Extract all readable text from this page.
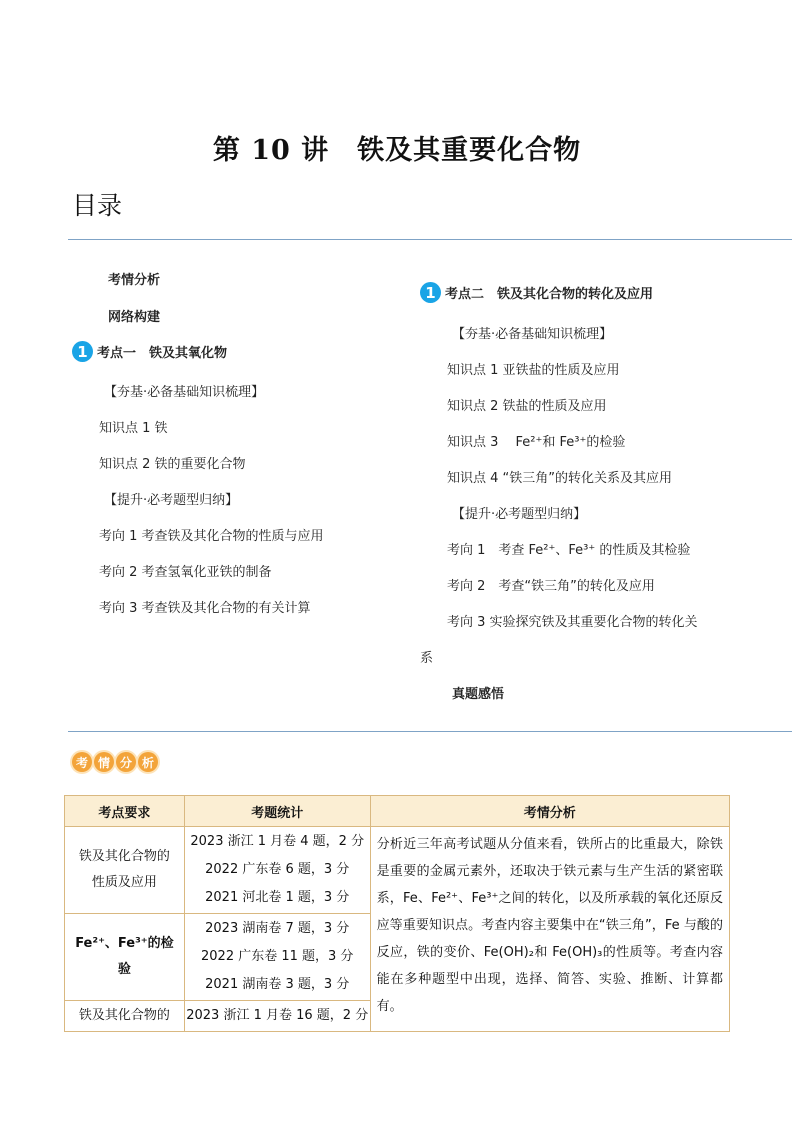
第 10 讲　铁及其重要化合物
目录
考情分析
网络构建
1 考点一　铁及其氧化物
【夯基·必备基础知识梳理】
知识点 1 铁
知识点 2 铁的重要化合物
【提升·必考题型归纳】
考向 1 考查铁及其化合物的性质与应用
考向 2 考查氢氧化亚铁的制备
考向 3 考查铁及其化合物的有关计算
1 考点二　铁及其化合物的转化及应用
【夯基·必备基础知识梳理】
知识点 1 亚铁盐的性质及应用
知识点 2 铁盐的性质及应用
知识点 3　 Fe²⁺和 Fe³⁺的检验
知识点 4 “铁三角”的转化关系及其应用
【提升·必考题型归纳】
考向 1　考查 Fe²⁺、Fe³⁺ 的性质及其检验
考向 2　考查“铁三角”的转化及应用
考向 3 实验探究铁及其重要化合物的转化关
系
真题感悟
考 情 分 析
考点要求	考题统计	考情分析
铁及其化合物的性质及应用	2023 浙江 1 月卷 4 题，2 分
2022 广东卷 6 题，3 分
2021 河北卷 1 题，3 分	分析近三年高考试题从分值来看，铁所占的比重最大，除铁是重要的金属元素外，还取决于铁元素与生产生活的紧密联系，Fe、Fe²⁺、Fe³⁺之间的转化，以及所承载的氧化还原反应等重要知识点。考查内容主要集中在“铁三角”，Fe 与酸的反应，铁的变价、Fe(OH)₂和 Fe(OH)₃的性质等。考查内容能在多种题型中出现，选择、简答、实验、推断、计算都有。
Fe²⁺、Fe³⁺的检验	2023 湖南卷 7 题，3 分
2022 广东卷 11 题，3 分
2021 湖南卷 3 题，3 分	

铁及其化合物的	2023 浙江 1 月卷 16 题，2 分	
